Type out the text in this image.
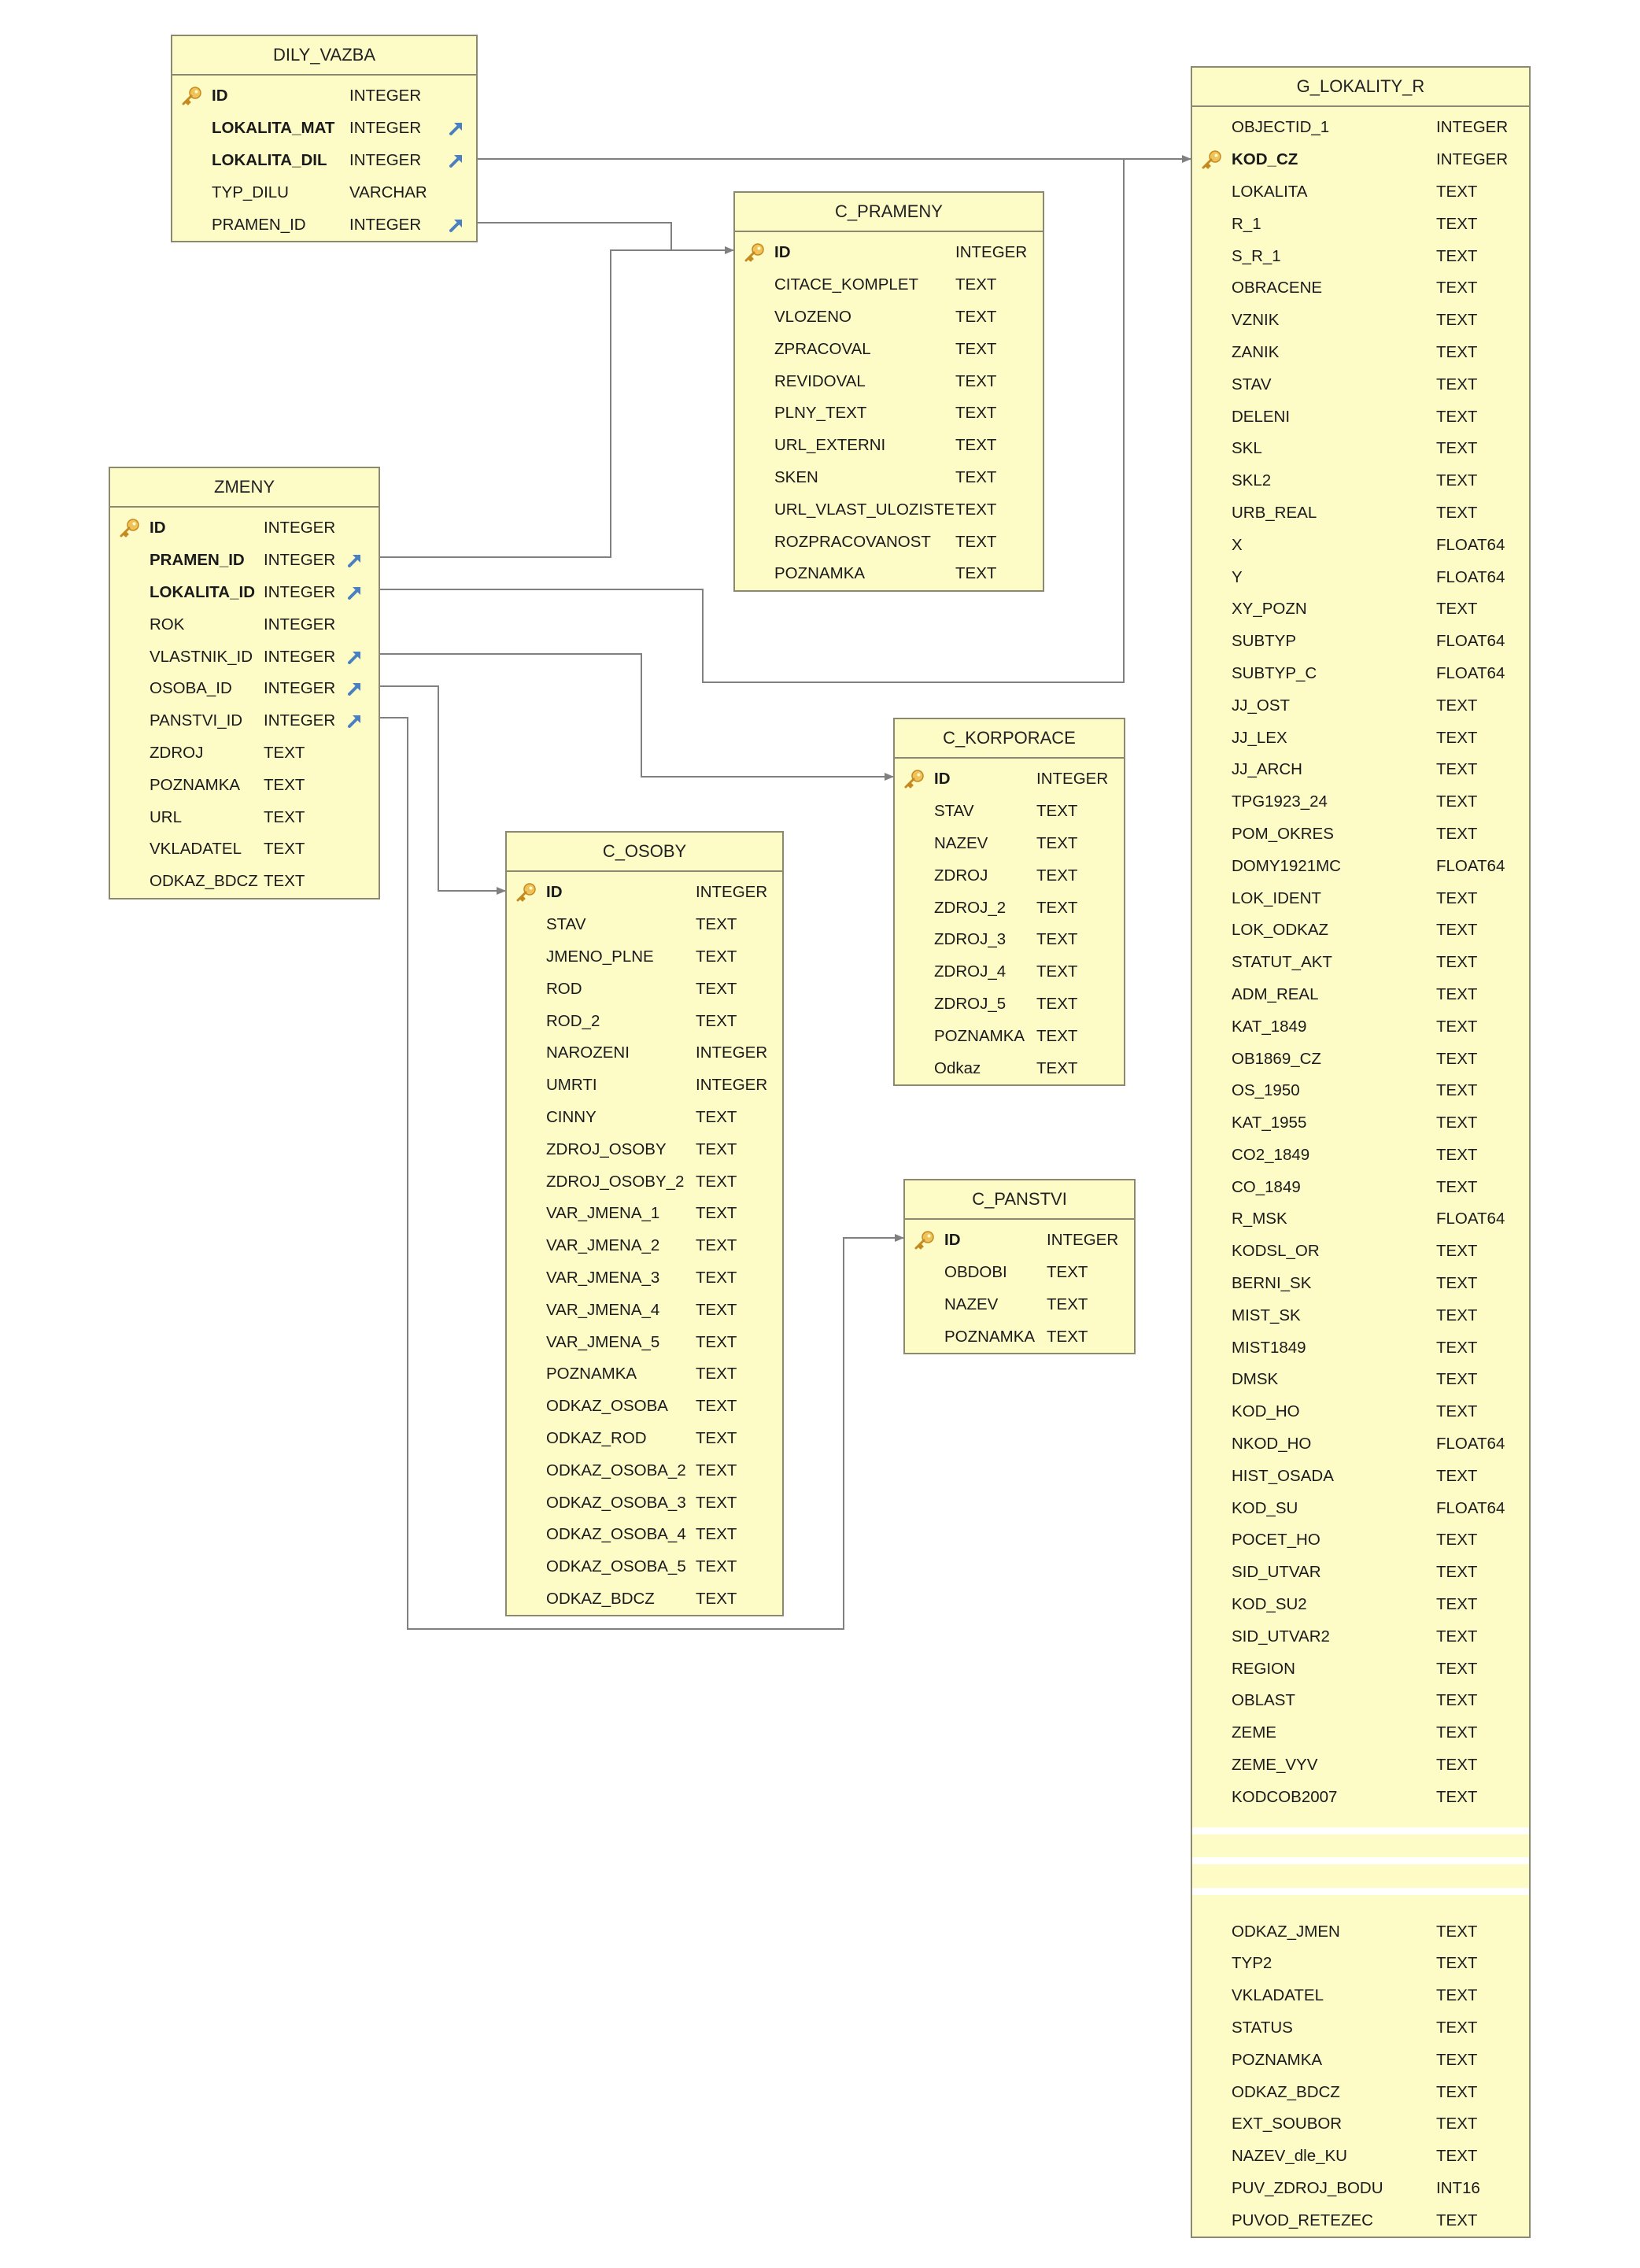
DILY_VAZBA
ID	INTEGER
LOKALITA_MAT INTEGER
LOKALITA_DIL INTEGER
TYP_DILU	VARCHAR
PRAMEN_ID	INTEGER
ZMENY
ID	INTEGER
PRAMEN_ID INTEGER
LOKALITA_ID INTEGER
ROK	INTEGER
VLASTNIK_ID INTEGER
OSOBA_ID INTEGER
PANSTVI_ID INTEGER
ZDROJ	TEXT
POZNAMKA TEXT
URL	TEXT
VKLADATEL TEXT
ODKAZ_BDCZ TEXT
C_PRAMENY
ID	INTEGER
CITACE_KOMPLET TEXT
VLOZENO	TEXT
ZPRACOVAL	TEXT
REVIDOVAL	TEXT
PLNY_TEXT	TEXT
URL_EXTERNI	TEXT
SKEN	TEXT
URL_VLAST_ULOZISTE TEXT
ROZPRACOVANOST TEXT
POZNAMKA	TEXT
C_KORPORACE
ID	INTEGER
STAV	TEXT
NAZEV	TEXT
ZDROJ	TEXT
ZDROJ_2 TEXT
ZDROJ_3 TEXT
ZDROJ_4 TEXT
ZDROJ_5 TEXT
POZNAMKA TEXT
Odkaz	TEXT
C_OSOBY
ID	INTEGER
STAV	TEXT
JMENO_PLNE	TEXT
ROD	TEXT
ROD_2	TEXT
NAROZENI	INTEGER
UMRTI	INTEGER
CINNY	TEXT
ZDROJ_OSOBY TEXT
ZDROJ_OSOBY_2 TEXT
VAR_JMENA_1 TEXT
VAR_JMENA_2 TEXT
VAR_JMENA_3 TEXT
VAR_JMENA_4 TEXT
VAR_JMENA_5 TEXT
POZNAMKA	TEXT
ODKAZ_OSOBA TEXT
ODKAZ_ROD	TEXT
ODKAZ_OSOBA_2 TEXT
ODKAZ_OSOBA_3 TEXT
ODKAZ_OSOBA_4 TEXT
ODKAZ_OSOBA_5 TEXT
ODKAZ_BDCZ	TEXT
C_PANSTVI
ID	INTEGER
OBDOBI TEXT
NAZEV	TEXT
POZNAMKA TEXT
G_LOKALITY_R
OBJECTID_1	INTEGER
KOD_CZ	INTEGER
LOKALITA	TEXT
R_1	TEXT
S_R_1	TEXT
OBRACENE	TEXT
VZNIK	TEXT
ZANIK	TEXT
STAV	TEXT
DELENI	TEXT
SKL	TEXT
SKL2	TEXT
URB_REAL	TEXT
X	FLOAT64
Y	FLOAT64
XY_POZN	TEXT
SUBTYP	FLOAT64
SUBTYP_C	FLOAT64
JJ_OST	TEXT
JJ_LEX	TEXT
JJ_ARCH	TEXT
TPG1923_24	TEXT
POM_OKRES	TEXT
DOMY1921MC	FLOAT64
LOK_IDENT	TEXT
LOK_ODKAZ	TEXT
STATUT_AKT	TEXT
ADM_REAL	TEXT
KAT_1849	TEXT
OB1869_CZ	TEXT
OS_1950	TEXT
KAT_1955	TEXT
CO2_1849	TEXT
CO_1849	TEXT
R_MSK	FLOAT64
KODSL_OR	TEXT
BERNI_SK	TEXT
MIST_SK	TEXT
MIST1849	TEXT
DMSK	TEXT
KOD_HO	TEXT
NKOD_HO	FLOAT64
HIST_OSADA	TEXT
KOD_SU	FLOAT64
POCET_HO	TEXT
SID_UTVAR	TEXT
KOD_SU2	TEXT
SID_UTVAR2	TEXT
REGION	TEXT
OBLAST	TEXT
ZEME	TEXT
ZEME_VYV	TEXT
KODCOB2007	TEXT
ODKAZ_JMEN	TEXT
TYP2	TEXT
VKLADATEL	TEXT
STATUS	TEXT
POZNAMKA	TEXT
ODKAZ_BDCZ	TEXT
EXT_SOUBOR	TEXT
NAZEV_dle_KU	TEXT
PUV_ZDROJ_BODU	INT16
PUVOD_RETEZEC	TEXT
